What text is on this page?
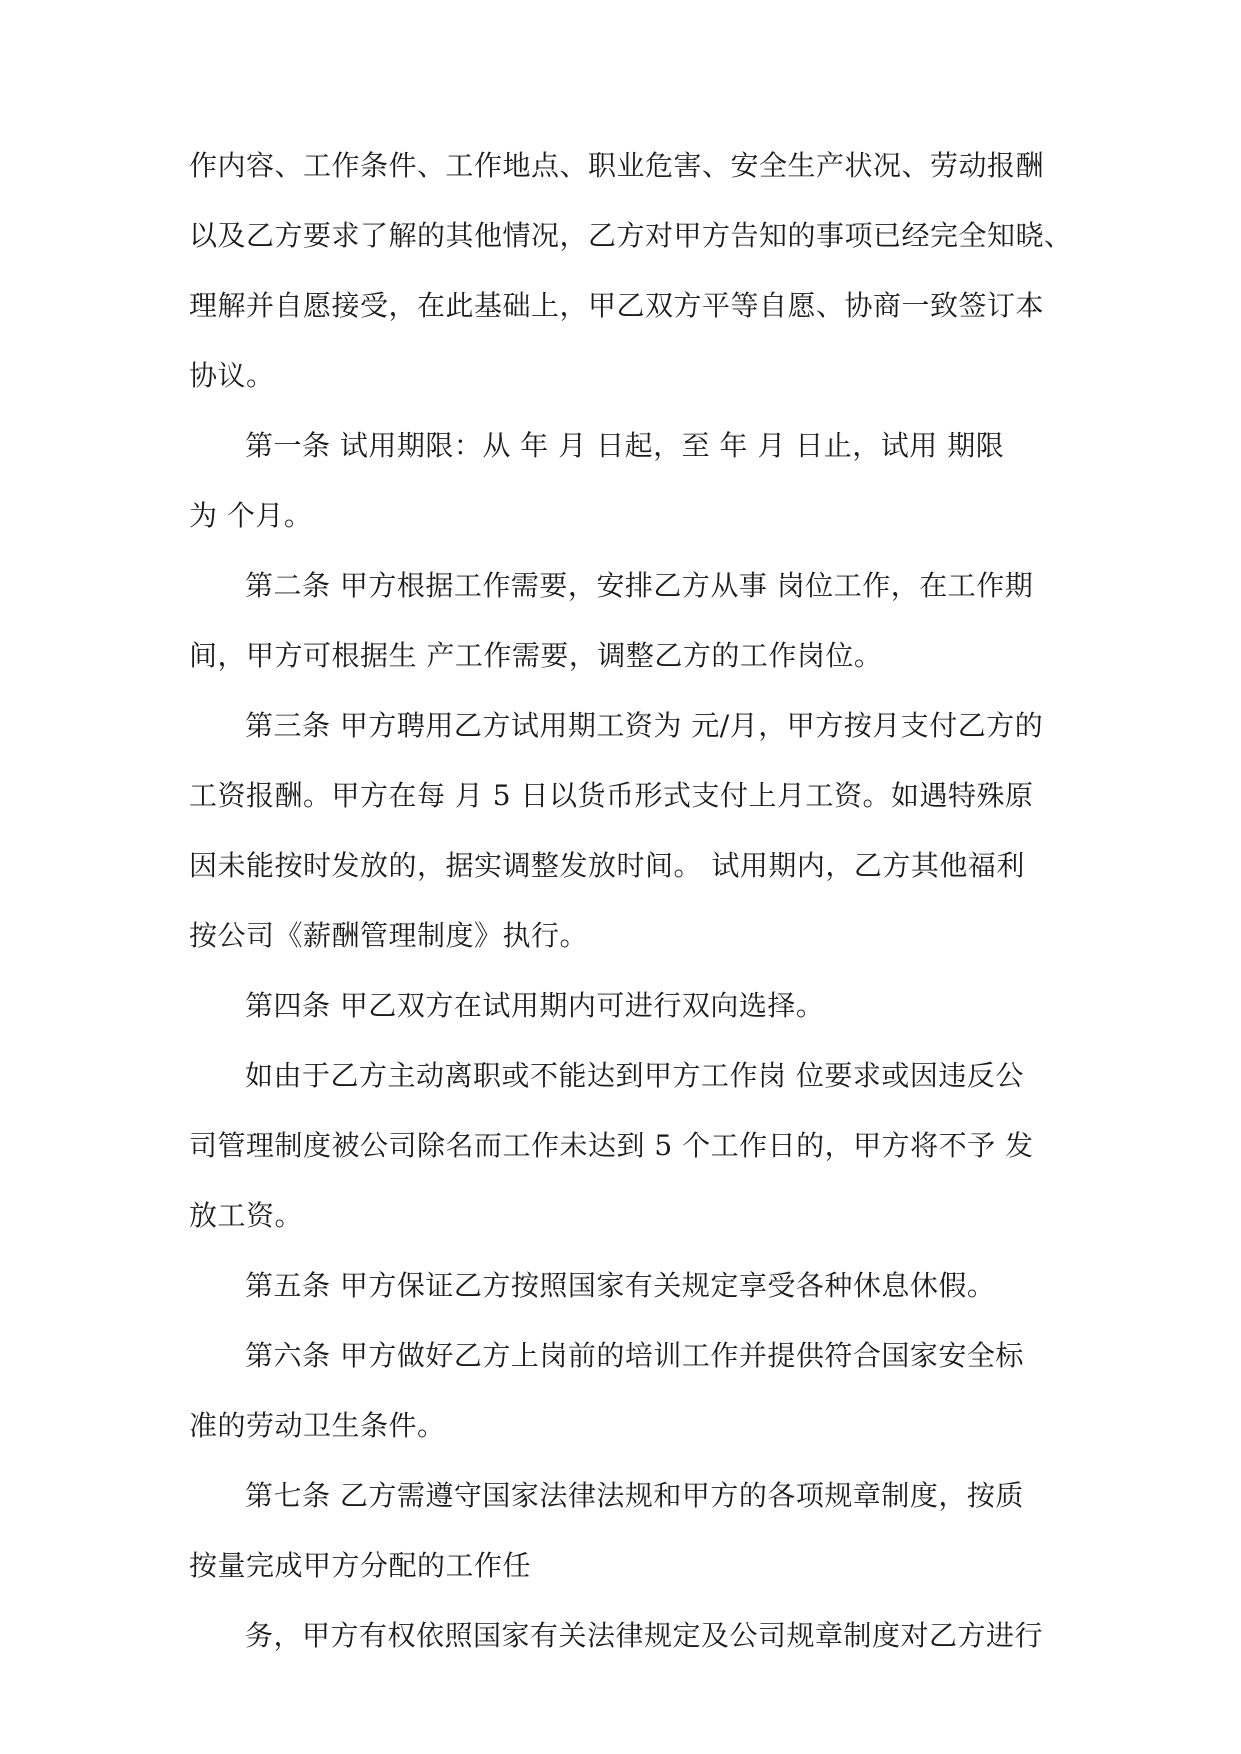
作内容、工作条件、工作地点、职业危害、安全生产状况、劳动报酬
以及乙方要求了解的其他情况，乙方对甲方告知的事项已经完全知晓、
理解并自愿接受，在此基础上，甲乙双方平等自愿、协商一致签订本
协议。
第一条 试用期限：从 年 月 日起，至 年 月 日止，试用 期限
为 个月。
第二条 甲方根据工作需要，安排乙方从事 岗位工作，在工作期
间，甲方可根据生 产工作需要，调整乙方的工作岗位。
第三条 甲方聘用乙方试用期工资为 元/月，甲方按月支付乙方的
工资报酬。甲方在每 月 5 日以货币形式支付上月工资。如遇特殊原
因未能按时发放的，据实调整发放时间。 试用期内，乙方其他福利
按公司《薪酬管理制度》执行。
第四条 甲乙双方在试用期内可进行双向选择。
如由于乙方主动离职或不能达到甲方工作岗 位要求或因违反公
司管理制度被公司除名而工作未达到 5 个工作日的，甲方将不予 发
放工资。
第五条 甲方保证乙方按照国家有关规定享受各种休息休假。
第六条 甲方做好乙方上岗前的培训工作并提供符合国家安全标
准的劳动卫生条件。
第七条 乙方需遵守国家法律法规和甲方的各项规章制度，按质
按量完成甲方分配的工作任
务，甲方有权依照国家有关法律规定及公司规章制度对乙方进行
